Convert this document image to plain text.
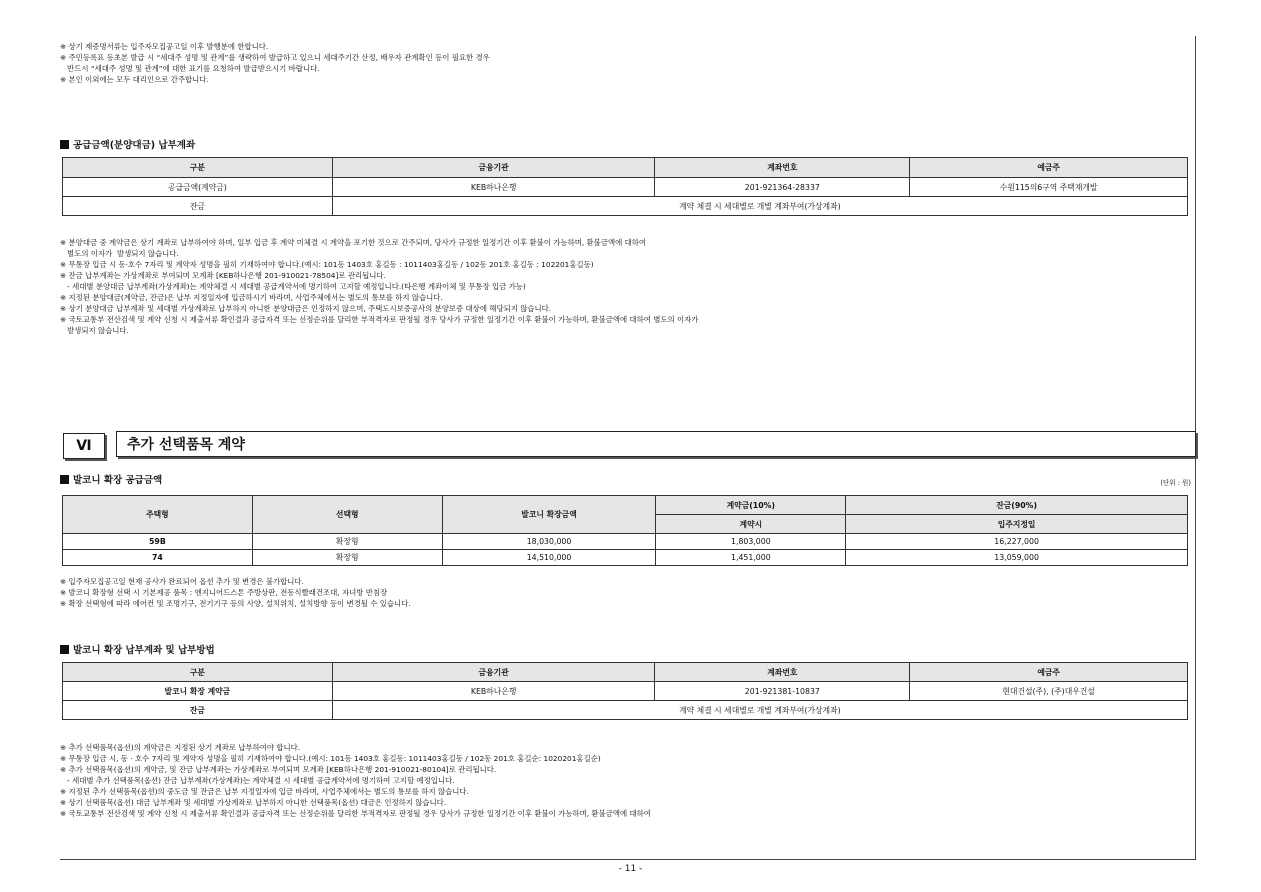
※ 상기 제증명서류는 입주자모집공고일 이후 발행분에 한합니다.

※ 주민등록표 등초본 발급 시 “세대주 성명 및 관계”를 생략하여 발급하고 있으니 세대주기간 산정, 배우자 관계확인 등이 필요한 경우

반드시 “세대주 성명 및 관계”에 대한 표기를 요청하여 발급받으시기 바랍니다.

※ 본인 이외에는 모두 대리인으로 간주합니다.

공급금액(분양대금) 납부계좌
구분	금융기관	계좌번호	예금주
공급금액(계약금)	KEB하나은행	201-921364-28337	수원115의6구역 주택재개발
잔금	계약 체결 시 세대별로 개별 계좌부여(가상계좌)		

※ 분양대금 중 계약금은 상기 계좌로 납부하여야 하며, 일부 입금 후 계약 미체결 시 계약을 포기한 것으로 간주되며, 당사가 규정한 일정기간 이후 환불이 가능하며, 환불금액에 대하여

별도의 이자가  발생되지 않습니다.

※ 무통장 입금 시 동·호수 7자리 및 계약자 성명을 필히 기재하여야 합니다.(예시: 101동 1403호 홍길동 : 1011403홍길동 / 102동 201호 홍길동 : 102201홍길동)

※ 잔금 납부계좌는 가상계좌로 부여되며 모계좌 [KEB하나은행 201-910021-78504]로 관리됩니다.

- 세대별 분양대금 납부계좌(가상계좌)는 계약체결 시 세대별 공급계약서에 명기하여 고지할 예정입니다.(타은행 계좌이체 및 무통장 입금 가능)

※ 지정된 분양대금(계약금, 잔금)은 납부 지정일자에 입금하시기 바라며, 사업주체에서는 별도의 통보를 하지 않습니다.

※ 상기 분양대금 납부계좌 및 세대별 가상계좌로 납부하지 아니한 분양대금은 인정하지 않으며, 주택도시보증공사의 분양보증 대상에 해당되지 않습니다.

※ 국토교통부 전산검색 및 계약 신청 시 제출서류 확인결과 공급자격 또는 선정순위를 달리한 부적격자로 판정될 경우 당사가 규정한 일정기간 이후 환불이 가능하며, 환불금액에 대하여 별도의 이자가

발생되지 않습니다.

Ⅵ	추가 선택품목 계약
발코니 확장 공급금액	(단위 : 원)
주택형	선택형	발코니 확장금액	계약금(10%)	잔금(90%)
			계약시	입주지정일
59B	확장형	18,030,000	1,803,000	16,227,000
74	확장형	14,510,000	1,451,000	13,059,000

※ 입주자모집공고일 현재 공사가 완료되어 옵션 추가 및 변경은 불가합니다.

※ 발코니 확장형 선택 시 기본제공 품목 : 엔지니어드스톤 주방상판, 전동식빨래건조대, 자녀방 반침장

※ 확장 선택형에 따라 에어컨 및 조명기구, 전기기구 등의 사양, 설치위치, 설치방향 등이 변경될 수 있습니다.

발코니 확장 납부계좌 및 납부방법
구분	금융기관	계좌번호	예금주
발코니 확장 계약금	KEB하나은행	201-921381-10837	현대건설(주), (주)대우건설
잔금	계약 체결 시 세대별로 개별 계좌부여(가상계좌)		

※ 추가 선택품목(옵션)의 계약금은 지정된 상기 계좌로 납부하여야 합니다.

※ 무통장 입금 시, 동 · 호수 7자리 및 계약자 성명을 필히 기재하여야 합니다.(예시: 101동 1403호 홍길동: 1011403홍길동 / 102동 201호 홍길순: 1020201홍길순)

※ 추가 선택품목(옵션)의 계약금, 및 잔금 납부계좌는 가상계좌로 부여되며 모계좌 [KEB하나은행 201-910021-80104]로 관리됩니다.

- 세대별 추가 선택품목(옵션) 잔금 납부계좌(가상계좌)는 계약체결 시 세대별 공급계약서에 명기하여 고지할 예정입니다.

※ 지정된 추가 선택품목(옵션)의 중도금 및 잔금은 납부 지정일자에 입금 바라며, 사업주체에서는 별도의 통보를 하지 않습니다.

※ 상기 선택품목(옵션) 대금 납부계좌 및 세대별 가상계좌로 납부하지 아니한 선택품목(옵션) 대금은 인정하지 않습니다.

※ 국토교통부 전산검색 및 계약 신청 시 제출서류 확인결과 공급자격 또는 선정순위를 달리한 부적격자로 판정될 경우 당사가 규정한 일정기간 이후 환불이 가능하며, 환불금액에 대하여

- 11 -
